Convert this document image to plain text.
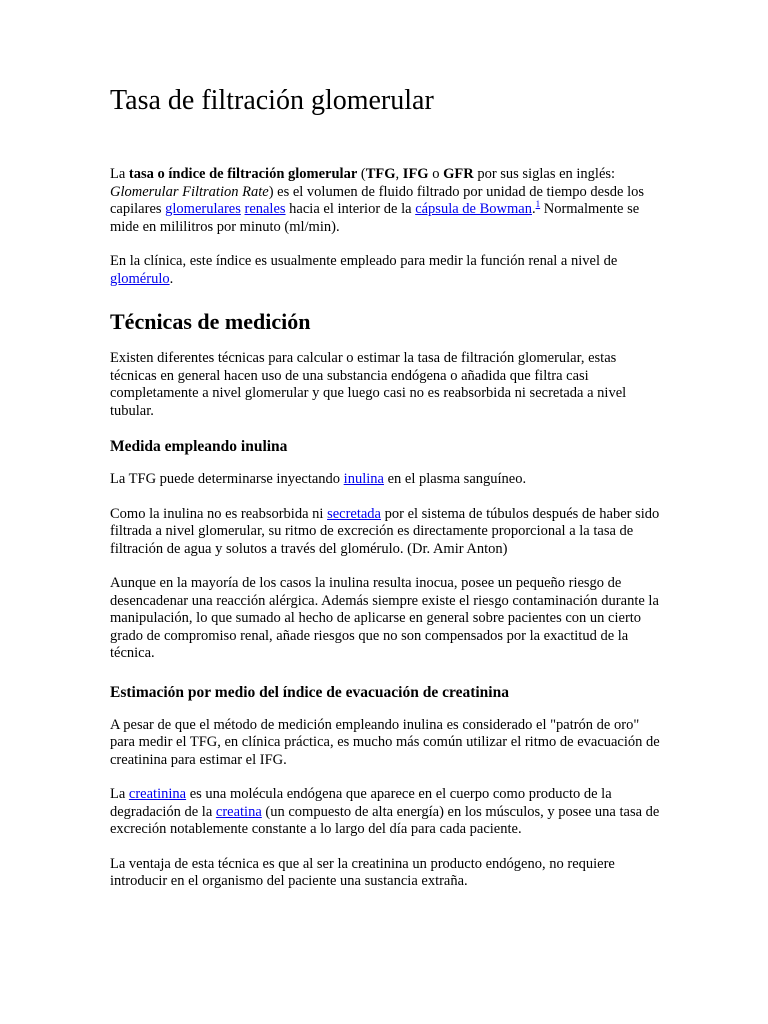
Tasa de filtración glomerular

La tasa o índice de filtración glomerular (TFG, IFG o GFR por sus siglas en inglés: Glomerular Filtration Rate) es el volumen de fluido filtrado por unidad de tiempo desde los capilares glomerulares renales hacia el interior de la cápsula de Bowman.$^1$ Normalmente se mide en mililitros por minuto (ml/min).

En la clínica, este índice es usualmente empleado para medir la función renal a nivel de glomérulo.

Técnicas de medición

Existen diferentes técnicas para calcular o estimar la tasa de filtración glomerular, estas técnicas en general hacen uso de una substancia endógena o añadida que filtra casi completamente a nivel glomerular y que luego casi no es reabsorbida ni secretada a nivel tubular.

Medida empleando inulina

La TFG puede determinarse inyectando inulina en el plasma sanguíneo.

Como la inulina no es reabsorbida ni secretada por el sistema de túbulos después de haber sido filtrada a nivel glomerular, su ritmo de excreción es directamente proporcional a la tasa de filtración de agua y solutos a través del glomérulo. (Dr. Amir Anton)

Aunque en la mayoría de los casos la inulina resulta inocua, posee un pequeño riesgo de desencadenar una reacción alérgica. Además siempre existe el riesgo contaminación durante la manipulación, lo que sumado al hecho de aplicarse en general sobre pacientes con un cierto grado de compromiso renal, añade riesgos que no son compensados por la exactitud de la técnica.

Estimación por medio del índice de evacuación de creatinina

A pesar de que el método de medición empleando inulina es considerado el "patrón de oro" para medir el TFG, en clínica práctica, es mucho más común utilizar el ritmo de evacuación de creatinina para estimar el IFG.

La creatinina es una molécula endógena que aparece en el cuerpo como producto de la degradación de la creatina (un compuesto de alta energía) en los músculos, y posee una tasa de excreción notablemente constante a lo largo del día para cada paciente.

La ventaja de esta técnica es que al ser la creatinina un producto endógeno, no requiere introducir en el organismo del paciente una sustancia extraña.
